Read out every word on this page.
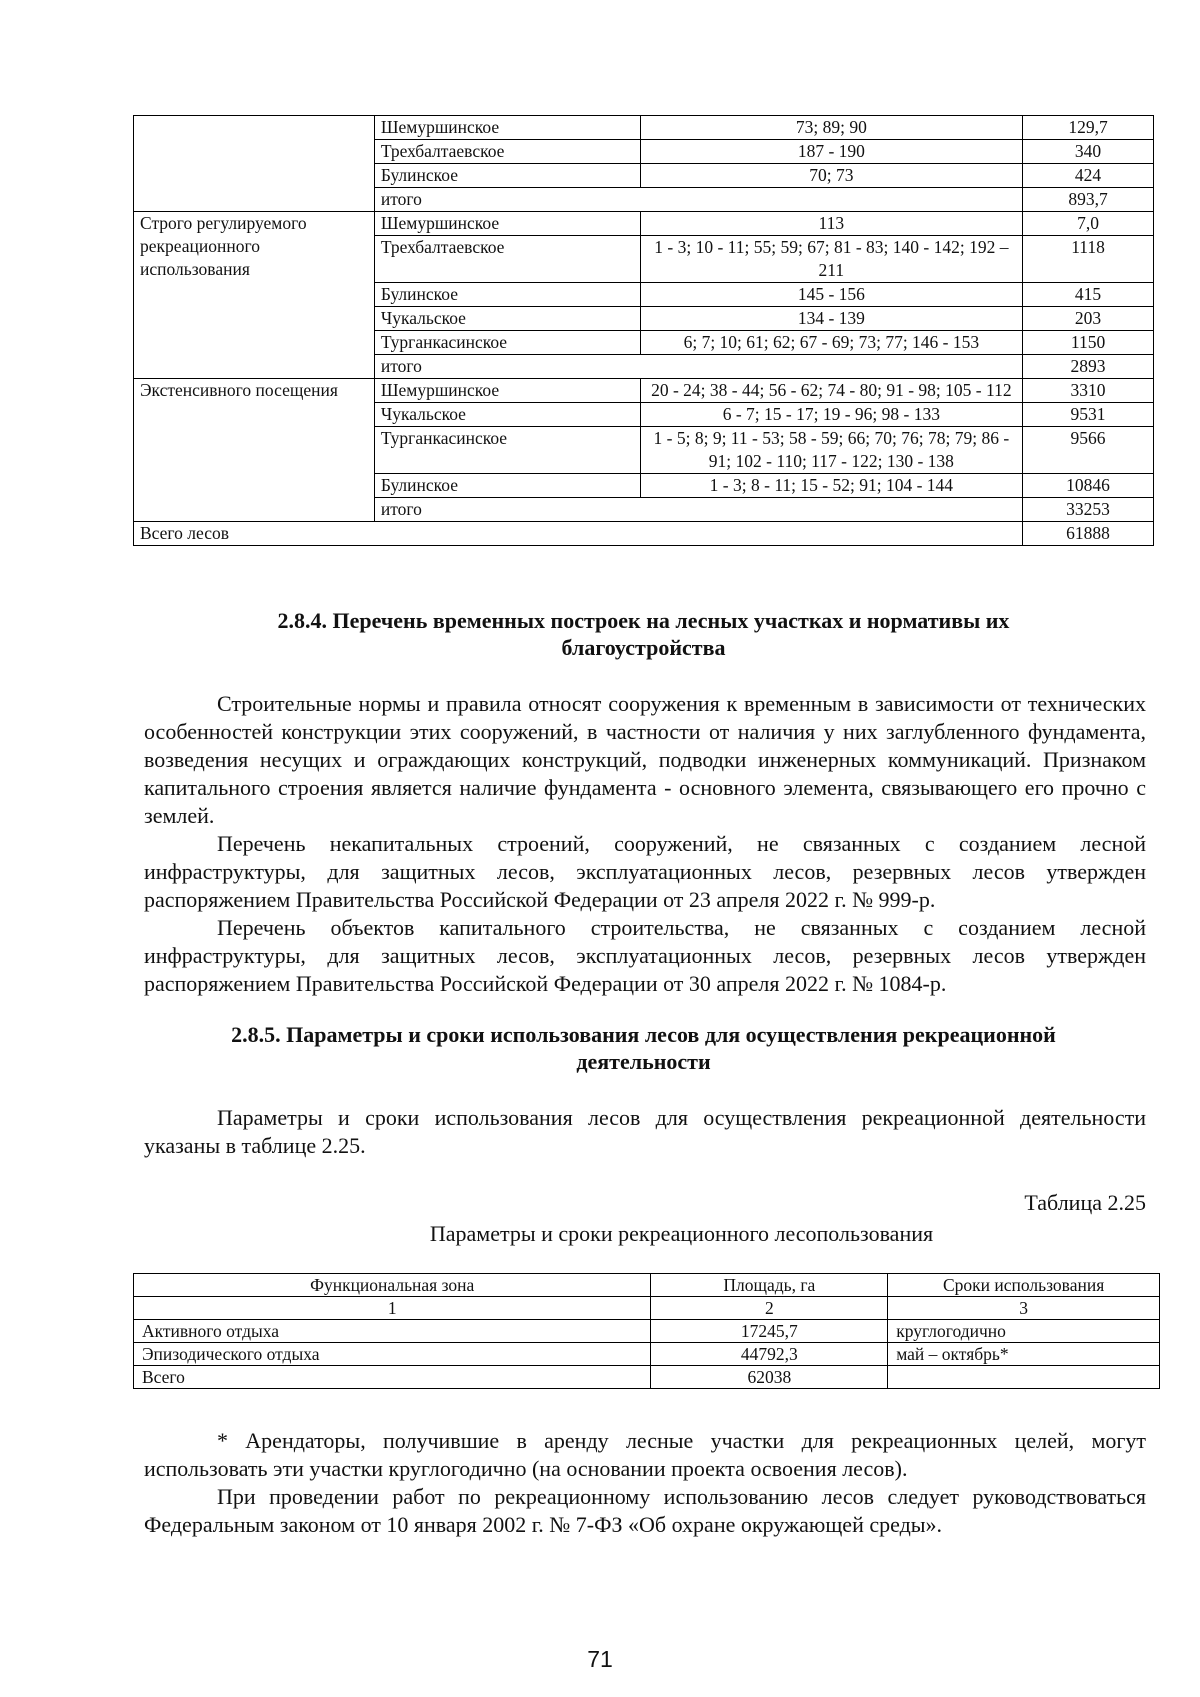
	Шемуршинское	73; 89; 90	129,7
	Трехбалтаевское	187 - 190	340
	Булинское	70; 73	424
	итого		893,7
Строго регулируемого рекреационного использования	Шемуршинское	113	7,0
	Трехбалтаевское	1 - 3; 10 - 11; 55; 59; 67; 81 - 83; 140 - 142; 192 – 211	1118
	Булинское	145 - 156	415
	Чукальское	134 - 139	203
	Турганкасинское	6; 7; 10; 61; 62; 67 - 69; 73; 77; 146 - 153	1150
	итого		2893
Экстенсивного посещения	Шемуршинское	20 - 24; 38 - 44; 56 - 62; 74 - 80; 91 - 98; 105 - 112	3310
	Чукальское	6 - 7; 15 - 17; 19 - 96; 98 - 133	9531
	Турганкасинское	1 - 5; 8; 9; 11 - 53; 58 - 59; 66; 70; 76; 78; 79; 86 - 91; 102 - 110; 117 - 122; 130 - 138	9566
	Булинское	1 - 3; 8 - 11; 15 - 52; 91; 104 - 144	10846
	итого		33253
Всего лесов			61888
2.8.4. Перечень временных построек на лесных участках и нормативы их
благоустройства

Строительные нормы и правила относят сооружения к временным в зависимости от технических особенностей конструкции этих сооружений, в частности от наличия у них заглубленного фундамента, возведения несущих и ограждающих конструкций, подводки инженерных коммуникаций. Признаком капитального строения является наличие фундамента - основного элемента, связывающего его прочно с землей.

Перечень некапитальных строений, сооружений, не связанных с созданием лесной инфраструктуры, для защитных лесов, эксплуатационных лесов, резервных лесов утвержден распоряжением Правительства Российской Федерации от 23 апреля 2022 г. № 999-р.

Перечень объектов капитального строительства, не связанных с созданием лесной инфраструктуры, для защитных лесов, эксплуатационных лесов, резервных лесов утвержден распоряжением Правительства Российской Федерации от 30 апреля 2022 г. № 1084-р.

2.8.5. Параметры и сроки использования лесов для осуществления рекреационной
деятельности

Параметры и сроки использования лесов для осуществления рекреационной деятельности указаны в таблице 2.25.

Таблица 2.25
Параметры и сроки рекреационного лесопользования
Функциональная зона	Площадь, га	Сроки использования
1	2	3
Активного отдыха	17245,7	круглогодично
Эпизодического отдыха	44792,3	май – октябрь*
Всего	62038	

* Арендаторы, получившие в аренду лесные участки для рекреационных целей, могут использовать эти участки круглогодично (на основании проекта освоения лесов).

При проведении работ по рекреационному использованию лесов следует руководствоваться Федеральным законом от 10 января 2002 г. № 7-ФЗ «Об охране окружающей среды».

71
